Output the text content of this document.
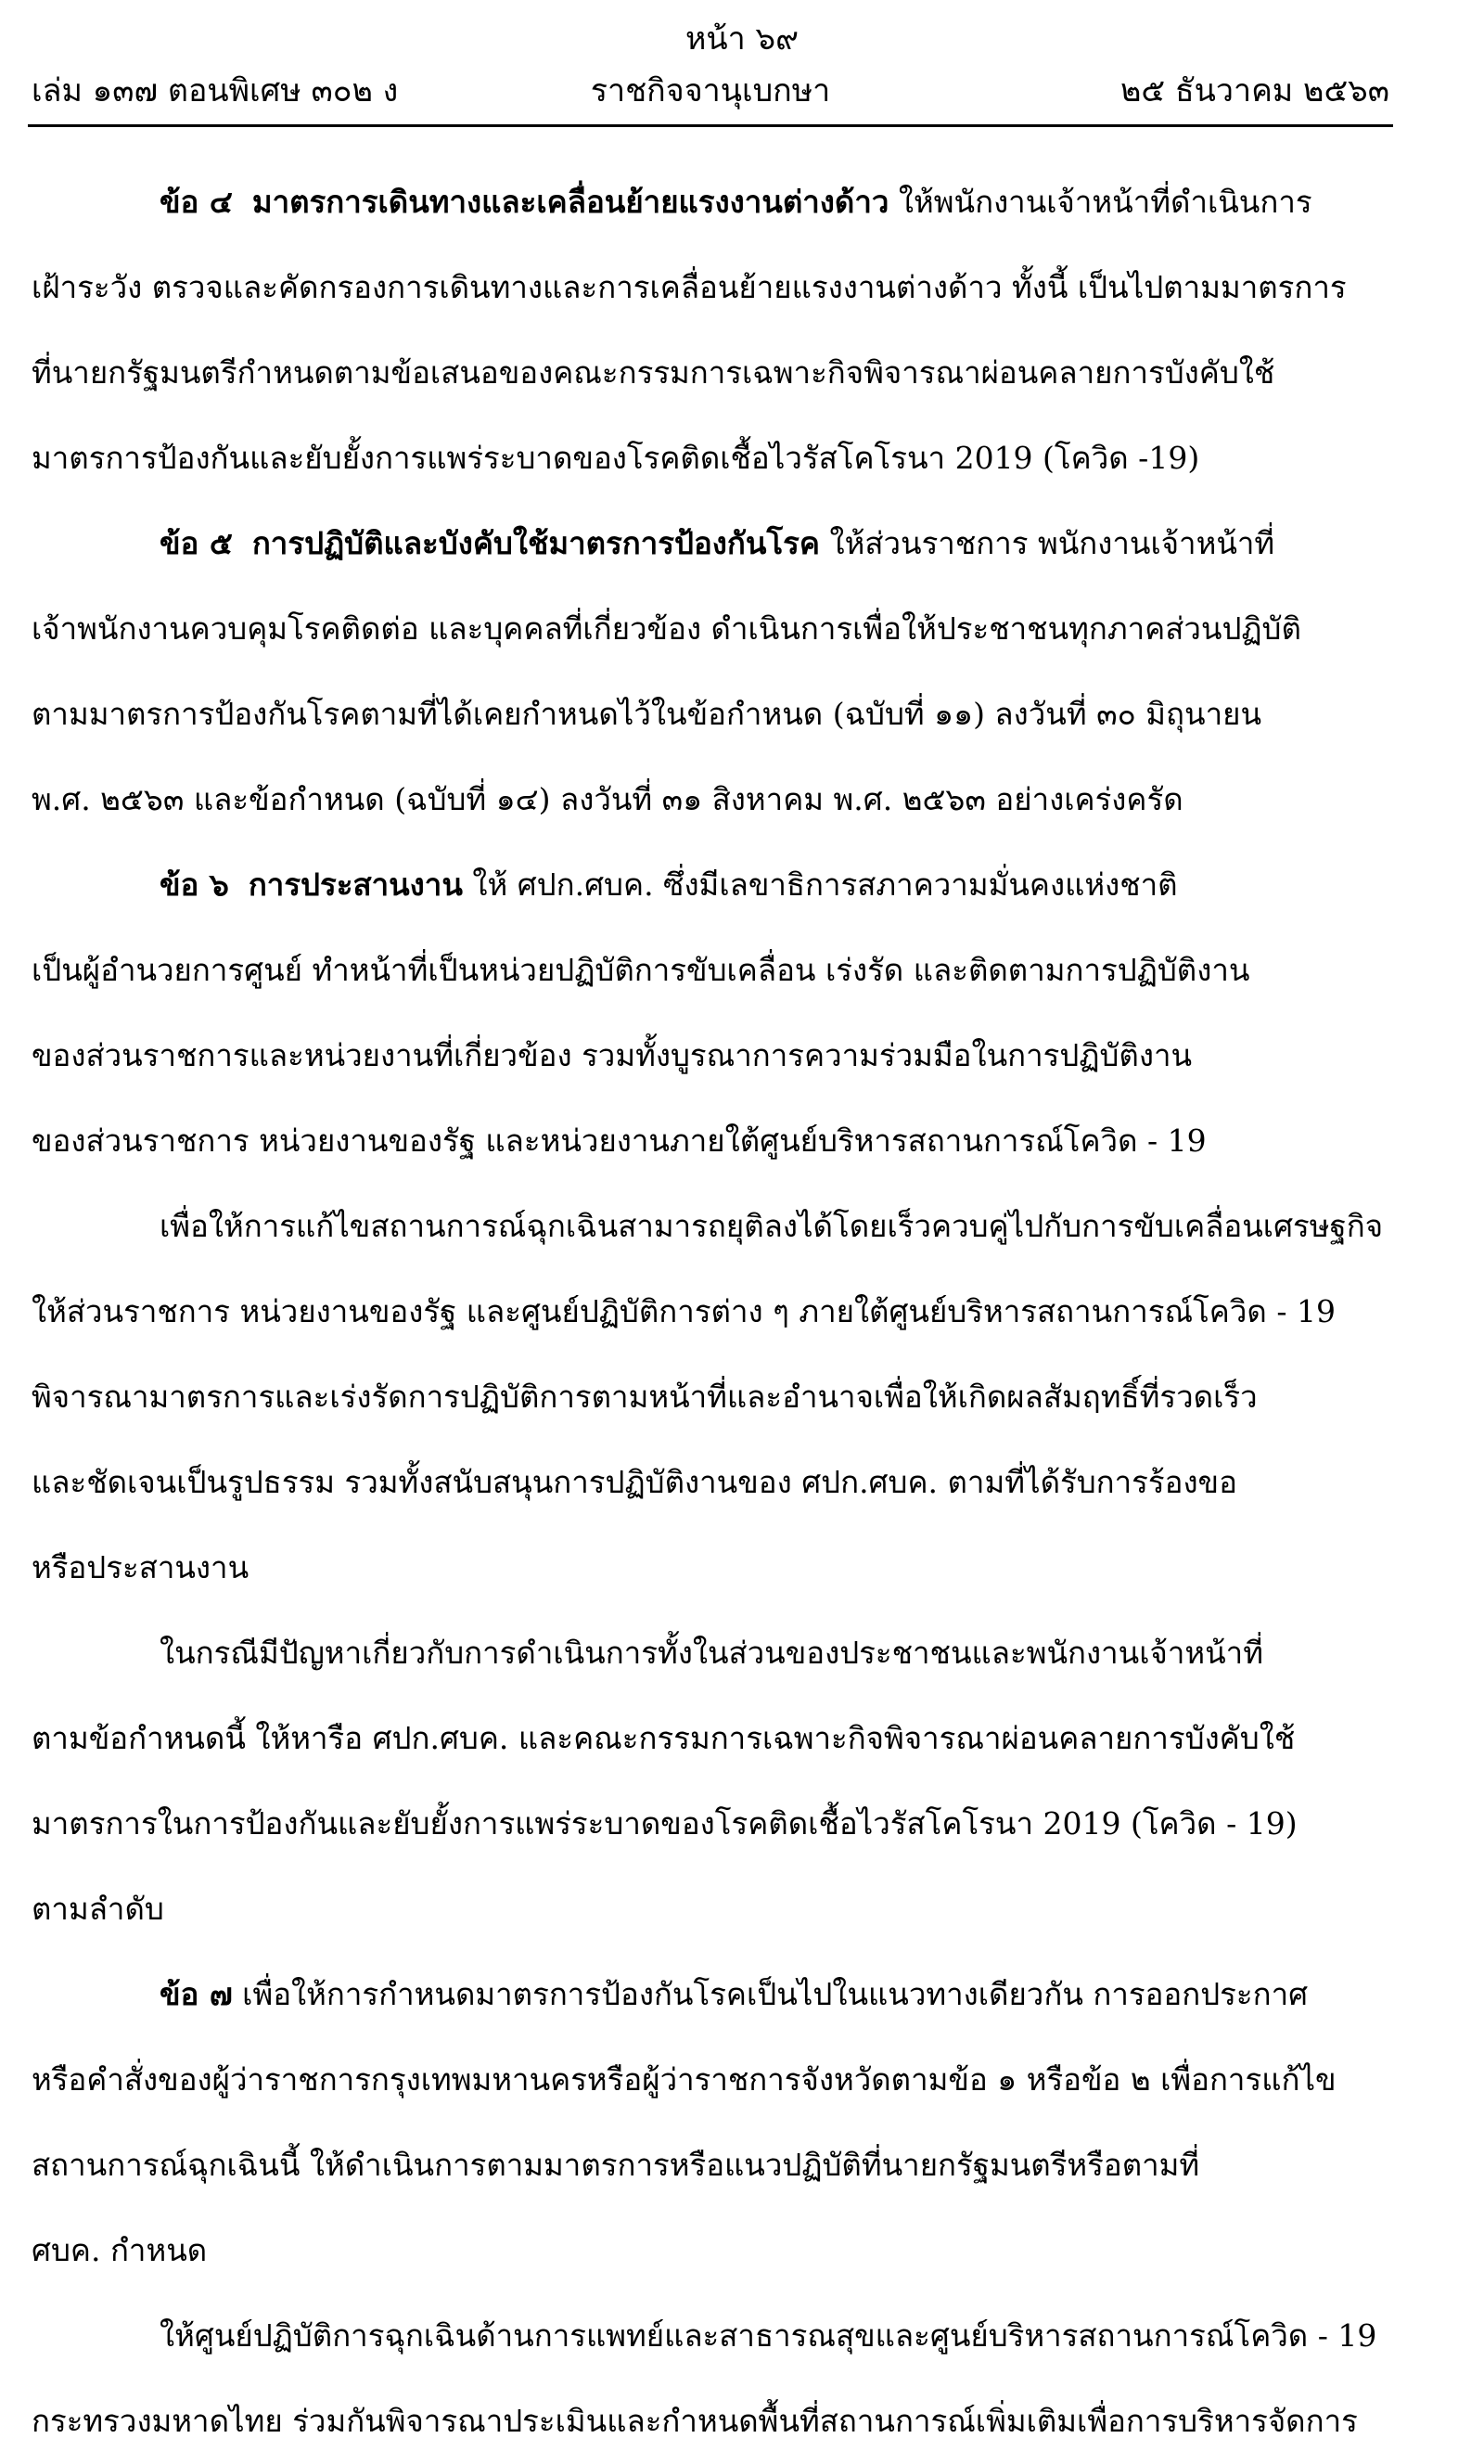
หน้า ๖๙
ราชกิจจานุเบกษา
เล่ม ๑๓๗ ตอนพิเศษ ๓๐๒ ง	๒๕ ธันวาคม ๒๕๖๓
ข้อ ๔ มาตรการเดินทางและเคลื่อนย้ายแรงงานต่างด้าว ให้พนักงานเจ้าหน้าที่ดำเนินการ
เฝ้าระวัง ตรวจและคัดกรองการเดินทางและการเคลื่อนย้ายแรงงานต่างด้าว ทั้งนี้ เป็นไปตามมาตรการ
ที่นายกรัฐมนตรีกำหนดตามข้อเสนอของคณะกรรมการเฉพาะกิจพิจารณาผ่อนคลายการบังคับใช้
มาตรการป้องกันและยับยั้งการแพร่ระบาดของโรคติดเชื้อไวรัสโคโรนา 2019 (โควิด -19)
ข้อ ๕ การปฏิบัติและบังคับใช้มาตรการป้องกันโรค ให้ส่วนราชการ พนักงานเจ้าหน้าที่
เจ้าพนักงานควบคุมโรคติดต่อ และบุคคลที่เกี่ยวข้อง ดำเนินการเพื่อให้ประชาชนทุกภาคส่วนปฏิบัติ
ตามมาตรการป้องกันโรคตามที่ได้เคยกำหนดไว้ในข้อกำหนด (ฉบับที่ ๑๑) ลงวันที่ ๓๐ มิถุนายน
พ.ศ. ๒๕๖๓ และข้อกำหนด (ฉบับที่ ๑๔) ลงวันที่ ๓๑ สิงหาคม พ.ศ. ๒๕๖๓ อย่างเคร่งครัด
ข้อ ๖ การประสานงาน ให้ ศปก.ศบค. ซึ่งมีเลขาธิการสภาความมั่นคงแห่งชาติ
เป็นผู้อำนวยการศูนย์ ทำหน้าที่เป็นหน่วยปฏิบัติการขับเคลื่อน เร่งรัด และติดตามการปฏิบัติงาน
ของส่วนราชการและหน่วยงานที่เกี่ยวข้อง รวมทั้งบูรณาการความร่วมมือในการปฏิบัติงาน
ของส่วนราชการ หน่วยงานของรัฐ และหน่วยงานภายใต้ศูนย์บริหารสถานการณ์โควิด - 19
เพื่อให้การแก้ไขสถานการณ์ฉุกเฉินสามารถยุติลงได้โดยเร็วควบคู่ไปกับการขับเคลื่อนเศรษฐกิจ
ให้ส่วนราชการ หน่วยงานของรัฐ และศูนย์ปฏิบัติการต่าง ๆ ภายใต้ศูนย์บริหารสถานการณ์โควิด - 19
พิจารณามาตรการและเร่งรัดการปฏิบัติการตามหน้าที่และอำนาจเพื่อให้เกิดผลสัมฤทธิ์ที่รวดเร็ว
และชัดเจนเป็นรูปธรรม รวมทั้งสนับสนุนการปฏิบัติงานของ ศปก.ศบค. ตามที่ได้รับการร้องขอ
หรือประสานงาน
ในกรณีมีปัญหาเกี่ยวกับการดำเนินการทั้งในส่วนของประชาชนและพนักงานเจ้าหน้าที่
ตามข้อกำหนดนี้ ให้หารือ ศปก.ศบค. และคณะกรรมการเฉพาะกิจพิจารณาผ่อนคลายการบังคับใช้
มาตรการในการป้องกันและยับยั้งการแพร่ระบาดของโรคติดเชื้อไวรัสโคโรนา 2019 (โควิด - 19)
ตามลำดับ
ข้อ ๗ เพื่อให้การกำหนดมาตรการป้องกันโรคเป็นไปในแนวทางเดียวกัน การออกประกาศ
หรือคำสั่งของผู้ว่าราชการกรุงเทพมหานครหรือผู้ว่าราชการจังหวัดตามข้อ ๑ หรือข้อ ๒ เพื่อการแก้ไข
สถานการณ์ฉุกเฉินนี้ ให้ดำเนินการตามมาตรการหรือแนวปฏิบัติที่นายกรัฐมนตรีหรือตามที่
ศบค. กำหนด
ให้ศูนย์ปฏิบัติการฉุกเฉินด้านการแพทย์และสาธารณสุขและศูนย์บริหารสถานการณ์โควิด - 19
กระทรวงมหาดไทย ร่วมกันพิจารณาประเมินและกำหนดพื้นที่สถานการณ์เพิ่มเติมเพื่อการบริหารจัดการ
